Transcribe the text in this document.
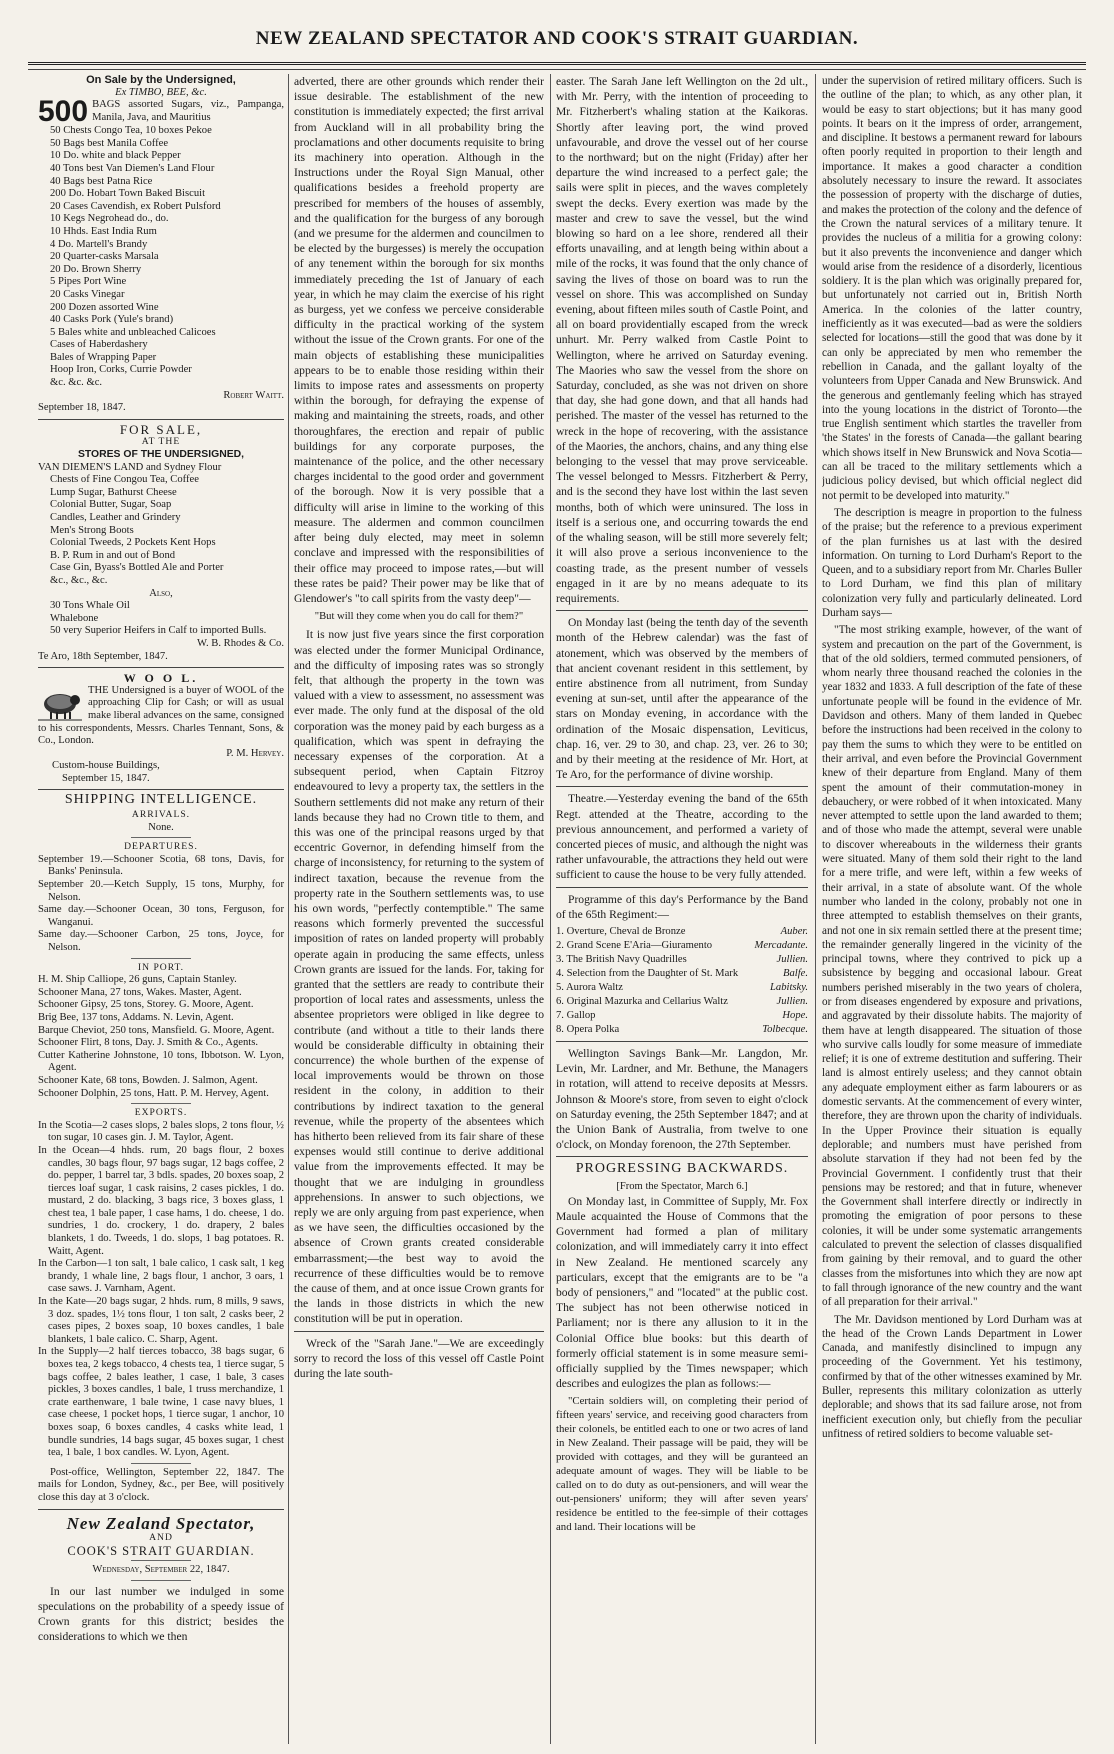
NEW ZEALAND SPECTATOR AND COOK'S STRAIT GUARDIAN.
On Sale by the Undersigned,
Ex TIMBO, BEE, &c.
500 BAGS assorted Sugars, viz., Pampanga, Manila, Java, and Mauritius
50 Chests Congo Tea, 10 boxes Pekoe
50 Bags best Manila Coffee
10 Do. white and black Pepper
40 Tons best Van Diemen's Land Flour
40 Bags best Patna Rice
200 Do. Hobart Town Baked Biscuit
20 Cases Cavendish, ex Robert Pulsford
10 Kegs Negrohead do., do.
10 Hhds. East India Rum
4 Do. Martell's Brandy
20 Quarter-casks Marsala
20 Do. Brown Sherry
5 Pipes Port Wine
20 Casks Vinegar
200 Dozen assorted Wine
40 Casks Pork (Yule's brand)
5 Bales white and unbleached Calicoes
Cases of Haberdashery
Bales of Wrapping Paper
Hoop Iron, Corks, Currie Powder
&c. &c. &c.
Robert Waitt.
September 18, 1847.
FOR SALE,
AT THE
STORES OF THE UNDERSIGNED,
VAN DIEMEN'S LAND and Sydney Flour
Chests of Fine Congou Tea, Coffee
Lump Sugar, Bathurst Cheese
Colonial Butter, Sugar, Soap
Candles, Leather and Grindery
Men's Strong Boots
Colonial Tweeds, 2 Pockets Kent Hops
B. P. Rum in and out of Bond
Case Gin, Byass's Bottled Ale and Porter
&c., &c., &c.
Also,
30 Tons Whale Oil
Whalebone
50 very Superior Heifers in Calf to imported Bulls.
W. B. Rhodes & Co.
Te Aro, 18th September, 1847.
W O O L.
THE Undersigned is a buyer of WOOL of the approaching Clip for Cash; or will as usual make liberal advances on the same, consigned to his correspondents, Messrs. Charles Tennant, Sons, & Co., London.
P. M. Hervey.
Custom-house Buildings,
September 15, 1847.
SHIPPING INTELLIGENCE.
ARRIVALS.
None.
DEPARTURES.
September 19.—Schooner Scotia, 68 tons, Davis, for Banks' Peninsula.
September 20.—Ketch Supply, 15 tons, Murphy, for Nelson.
Same day.—Schooner Ocean, 30 tons, Ferguson, for Wanganui.
Same day.—Schooner Carbon, 25 tons, Joyce, for Nelson.
IN PORT.
H. M. Ship Calliope, 26 guns, Captain Stanley.
Schooner Mana, 27 tons, Wakes. Master, Agent.
Schooner Gipsy, 25 tons, Storey. G. Moore, Agent.
Brig Bee, 137 tons, Addams. N. Levin, Agent.
Barque Cheviot, 250 tons, Mansfield. G. Moore, Agent.
Schooner Flirt, 8 tons, Day. J. Smith & Co., Agents.
Cutter Katherine Johnstone, 10 tons, Ibbotson. W. Lyon, Agent.
Schooner Kate, 68 tons, Bowden. J. Salmon, Agent.
Schooner Dolphin, 25 tons, Hatt. P. M. Hervey, Agent.
EXPORTS.
In the Scotia—2 cases slops, 2 bales slops, 2 tons flour, ½ ton sugar, 10 cases gin. J. M. Taylor, Agent.
In the Ocean—4 hhds. rum, 20 bags flour, 2 boxes candles, 30 bags flour, 97 bags sugar, 12 bags coffee, 2 do. pepper, 1 barrel tar, 3 bdls. spades, 20 boxes soap, 2 tierces loaf sugar, 1 cask raisins, 2 cases pickles, 1 do. mustard, 2 do. blacking, 3 bags rice, 3 boxes glass, 1 chest tea, 1 bale paper, 1 case hams, 1 do. cheese, 1 do. sundries, 1 do. crockery, 1 do. drapery, 2 bales blankets, 1 do. Tweeds, 1 do. slops, 1 bag potatoes. R. Waitt, Agent.
In the Carbon—1 ton salt, 1 bale calico, 1 cask salt, 1 keg brandy, 1 whale line, 2 bags flour, 1 anchor, 3 oars, 1 case saws. J. Varnham, Agent.
In the Kate—20 bags sugar, 2 hhds. rum, 8 mills, 9 saws, 3 doz. spades, 1½ tons flour, 1 ton salt, 2 casks beer, 2 cases pipes, 2 boxes soap, 10 boxes candles, 1 bale blankets, 1 bale calico. C. Sharp, Agent.
In the Supply—2 half tierces tobacco, 38 bags sugar, 6 boxes tea, 2 kegs tobacco, 4 chests tea, 1 tierce sugar, 5 bags coffee, 2 bales leather, 1 case, 1 bale, 3 cases pickles, 3 boxes candles, 1 bale, 1 truss merchandize, 1 crate earthenware, 1 bale twine, 1 case navy blues, 1 case cheese, 1 pocket hops, 1 tierce sugar, 1 anchor, 10 boxes soap, 6 boxes candles, 4 casks white lead, 1 bundle sundries, 14 bags sugar, 45 boxes sugar, 1 chest tea, 1 bale, 1 box candles. W. Lyon, Agent.

Post-office, Wellington, September 22, 1847. The mails for London, Sydney, &c., per Bee, will positively close this day at 3 o'clock.

New Zealand Spectator,
AND
COOK'S STRAIT GUARDIAN.
Wednesday, September 22, 1847.

In our last number we indulged in some speculations on the probability of a speedy issue of Crown grants for this district; besides the considerations to which we then

adverted, there are other grounds which render their issue desirable. The establishment of the new constitution is immediately expected; the first arrival from Auckland will in all probability bring the proclamations and other documents requisite to bring its machinery into operation. Although in the Instructions under the Royal Sign Manual, other qualifications besides a freehold property are prescribed for members of the houses of assembly, and the qualification for the burgess of any borough (and we presume for the aldermen and councilmen to be elected by the burgesses) is merely the occupation of any tenement within the borough for six months immediately preceding the 1st of January of each year, in which he may claim the exercise of his right as burgess, yet we confess we perceive considerable difficulty in the practical working of the system without the issue of the Crown grants. For one of the main objects of establishing these municipalities appears to be to enable those residing within their limits to impose rates and assessments on property within the borough, for defraying the expense of making and maintaining the streets, roads, and other thoroughfares, the erection and repair of public buildings for any corporate purposes, the maintenance of the police, and the other necessary charges incidental to the good order and government of the borough. Now it is very possible that a difficulty will arise in limine to the working of this measure. The aldermen and common councilmen after being duly elected, may meet in solemn conclave and impressed with the responsibilities of their office may proceed to impose rates,—but will these rates be paid? Their power may be like that of Glendower's "to call spirits from the vasty deep"—

"But will they come when you do call for them?"

It is now just five years since the first corporation was elected under the former Municipal Ordinance, and the difficulty of imposing rates was so strongly felt, that although the property in the town was valued with a view to assessment, no assessment was ever made. The only fund at the disposal of the old corporation was the money paid by each burgess as a qualification, which was spent in defraying the necessary expenses of the corporation. At a subsequent period, when Captain Fitzroy endeavoured to levy a property tax, the settlers in the Southern settlements did not make any return of their lands because they had no Crown title to them, and this was one of the principal reasons urged by that eccentric Governor, in defending himself from the charge of inconsistency, for returning to the system of indirect taxation, because the revenue from the property rate in the Southern settlements was, to use his own words, "perfectly contemptible." The same reasons which formerly prevented the successful imposition of rates on landed property will probably operate again in producing the same effects, unless Crown grants are issued for the lands. For, taking for granted that the settlers are ready to contribute their proportion of local rates and assessments, unless the absentee proprietors were obliged in like degree to contribute (and without a title to their lands there would be considerable difficulty in obtaining their concurrence) the whole burthen of the expense of local improvements would be thrown on those resident in the colony, in addition to their contributions by indirect taxation to the general revenue, while the property of the absentees which has hitherto been relieved from its fair share of these expenses would still continue to derive additional value from the improvements effected. It may be thought that we are indulging in groundless apprehensions. In answer to such objections, we reply we are only arguing from past experience, when as we have seen, the difficulties occasioned by the absence of Crown grants created considerable embarrassment;—the best way to avoid the recurrence of these difficulties would be to remove the cause of them, and at once issue Crown grants for the lands in those districts in which the new constitution will be put in operation.

Wreck of the "Sarah Jane."—We are exceedingly sorry to record the loss of this vessel off Castle Point during the late south-

easter. The Sarah Jane left Wellington on the 2d ult., with Mr. Perry, with the intention of proceeding to Mr. Fitzherbert's whaling station at the Kaikoras. Shortly after leaving port, the wind proved unfavourable, and drove the vessel out of her course to the northward; but on the night (Friday) after her departure the wind increased to a perfect gale; the sails were split in pieces, and the waves completely swept the decks. Every exertion was made by the master and crew to save the vessel, but the wind blowing so hard on a lee shore, rendered all their efforts unavailing, and at length being within about a mile of the rocks, it was found that the only chance of saving the lives of those on board was to run the vessel on shore. This was accomplished on Sunday evening, about fifteen miles south of Castle Point, and all on board providentially escaped from the wreck unhurt. Mr. Perry walked from Castle Point to Wellington, where he arrived on Saturday evening. The Maories who saw the vessel from the shore on Saturday, concluded, as she was not driven on shore that day, she had gone down, and that all hands had perished. The master of the vessel has returned to the wreck in the hope of recovering, with the assistance of the Maories, the anchors, chains, and any thing else belonging to the vessel that may prove serviceable. The vessel belonged to Messrs. Fitzherbert & Perry, and is the second they have lost within the last seven months, both of which were uninsured. The loss in itself is a serious one, and occurring towards the end of the whaling season, will be still more severely felt; it will also prove a serious inconvenience to the coasting trade, as the present number of vessels engaged in it are by no means adequate to its requirements.

On Monday last (being the tenth day of the seventh month of the Hebrew calendar) was the fast of atonement, which was observed by the members of that ancient covenant resident in this settlement, by entire abstinence from all nutriment, from Sunday evening at sun-set, until after the appearance of the stars on Monday evening, in accordance with the ordination of the Mosaic dispensation, Leviticus, chap. 16, ver. 29 to 30, and chap. 23, ver. 26 to 30; and by their meeting at the residence of Mr. Hort, at Te Aro, for the performance of divine worship.

Theatre.—Yesterday evening the band of the 65th Regt. attended at the Theatre, according to the previous announcement, and performed a variety of concerted pieces of music, and although the night was rather unfavourable, the attractions they held out were sufficient to cause the house to be very fully attended.

Programme of this day's Performance by the Band of the 65th Regiment:—

1. Overture, Cheval de Bronze	Auber.
2. Grand Scene E'Aria—Giuramento	Mercadante.
3. The British Navy Quadrilles	Jullien.
4. Selection from the Daughter of St. Mark	Balfe.
5. Aurora Waltz	Labitsky.
6. Original Mazurka and Cellarius Waltz	Jullien.
7. Gallop	Hope.
8. Opera Polka	Tolbecque.

Wellington Savings Bank—Mr. Langdon, Mr. Levin, Mr. Lardner, and Mr. Bethune, the Managers in rotation, will attend to receive deposits at Messrs. Johnson & Moore's store, from seven to eight o'clock on Saturday evening, the 25th September 1847; and at the Union Bank of Australia, from twelve to one o'clock, on Monday forenoon, the 27th September.

PROGRESSING BACKWARDS.
[From the Spectator, March 6.]

On Monday last, in Committee of Supply, Mr. Fox Maule acquainted the House of Commons that the Government had formed a plan of military colonization, and will immediately carry it into effect in New Zealand. He mentioned scarcely any particulars, except that the emigrants are to be "a body of pensioners," and "located" at the public cost. The subject has not been otherwise noticed in Parliament; nor is there any allusion to it in the Colonial Office blue books: but this dearth of formerly official statement is in some measure semi-officially supplied by the Times newspaper; which describes and eulogizes the plan as follows:—

"Certain soldiers will, on completing their period of fifteen years' service, and receiving good characters from their colonels, be entitled each to one or two acres of land in New Zealand. Their passage will be paid, they will be provided with cottages, and they will be guranteed an adequate amount of wages. They will be liable to be called on to do duty as out-pensioners, and will wear the out-pensioners' uniform; they will after seven years' residence be entitled to the fee-simple of their cottages and land. Their locations will be

under the supervision of retired military officers. Such is the outline of the plan; to which, as any other plan, it would be easy to start objections; but it has many good points. It bears on it the impress of order, arrangement, and discipline. It bestows a permanent reward for labours often poorly requited in proportion to their length and importance. It makes a good character a condition absolutely necessary to insure the reward. It associates the possession of property with the discharge of duties, and makes the protection of the colony and the defence of the Crown the natural services of a military tenure. It provides the nucleus of a militia for a growing colony: but it also prevents the inconvenience and danger which would arise from the residence of a disorderly, licentious soldiery. It is the plan which was originally prepared for, but unfortunately not carried out in, British North America. In the colonies of the latter country, inefficiently as it was executed—bad as were the soldiers selected for locations—still the good that was done by it can only be appreciated by men who remember the rebellion in Canada, and the gallant loyalty of the volunteers from Upper Canada and New Brunswick. And the generous and gentlemanly feeling which has strayed into the young locations in the district of Toronto—the true English sentiment which startles the traveller from 'the States' in the forests of Canada—the gallant bearing which shows itself in New Brunswick and Nova Scotia—can all be traced to the military settlements which a judicious policy devised, but which official neglect did not permit to be developed into maturity."

The description is meagre in proportion to the fulness of the praise; but the reference to a previous experiment of the plan furnishes us at last with the desired information. On turning to Lord Durham's Report to the Queen, and to a subsidiary report from Mr. Charles Buller to Lord Durham, we find this plan of military colonization very fully and particularly delineated. Lord Durham says—

"The most striking example, however, of the want of system and precaution on the part of the Government, is that of the old soldiers, termed commuted pensioners, of whom nearly three thousand reached the colonies in the year 1832 and 1833. A full description of the fate of these unfortunate people will be found in the evidence of Mr. Davidson and others. Many of them landed in Quebec before the instructions had been received in the colony to pay them the sums to which they were to be entitled on their arrival, and even before the Provincial Government knew of their departure from England. Many of them spent the amount of their commutation-money in debauchery, or were robbed of it when intoxicated. Many never attempted to settle upon the land awarded to them; and of those who made the attempt, several were unable to discover whereabouts in the wilderness their grants were situated. Many of them sold their right to the land for a mere trifle, and were left, within a few weeks of their arrival, in a state of absolute want. Of the whole number who landed in the colony, probably not one in three attempted to establish themselves on their grants, and not one in six remain settled there at the present time; the remainder generally lingered in the vicinity of the principal towns, where they contrived to pick up a subsistence by begging and occasional labour. Great numbers perished miserably in the two years of cholera, or from diseases engendered by exposure and privations, and aggravated by their dissolute habits. The majority of them have at length disappeared. The situation of those who survive calls loudly for some measure of immediate relief; it is one of extreme destitution and suffering. Their land is almost entirely useless; and they cannot obtain any adequate employment either as farm labourers or as domestic servants. At the commencement of every winter, therefore, they are thrown upon the charity of individuals. In the Upper Province their situation is equally deplorable; and numbers must have perished from absolute starvation if they had not been fed by the Provincial Government. I confidently trust that their pensions may be restored; and that in future, whenever the Government shall interfere directly or indirectly in promoting the emigration of poor persons to these colonies, it will be under some systematic arrangements calculated to prevent the selection of classes disqualified from gaining by their removal, and to guard the other classes from the misfortunes into which they are now apt to fall through ignorance of the new country and the want of all preparation for their arrival."

The Mr. Davidson mentioned by Lord Durham was at the head of the Crown Lands Department in Lower Canada, and manifestly disinclined to impugn any proceeding of the Government. Yet his testimony, confirmed by that of the other witnesses examined by Mr. Buller, represents this military colonization as utterly deplorable; and shows that its sad failure arose, not from inefficient execution only, but chiefly from the peculiar unfitness of retired soldiers to become valuable set-
